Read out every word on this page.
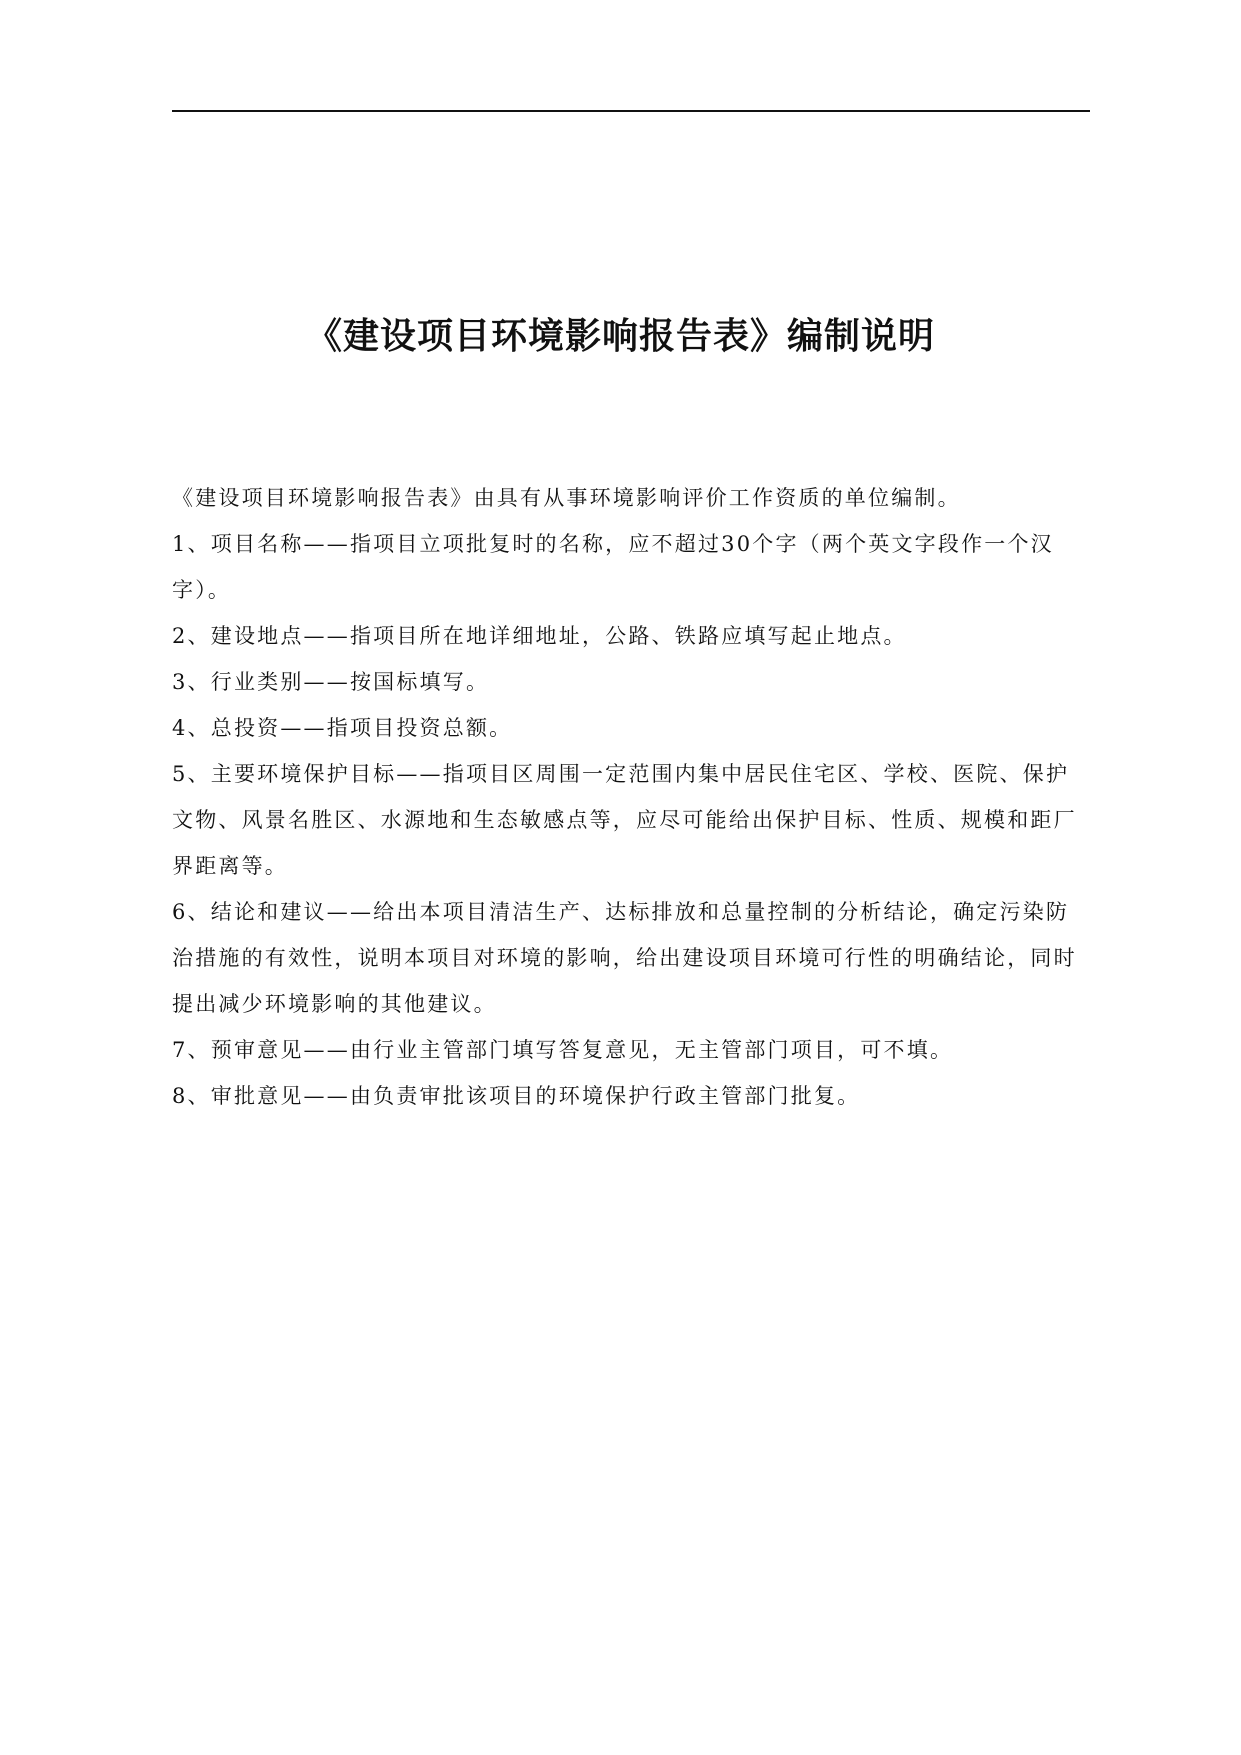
《建设项目环境影响报告表》编制说明

《建设项目环境影响报告表》由具有从事环境影响评价工作资质的单位编制。

1、项目名称——指项目立项批复时的名称，应不超过30个字（两个英文字段作一个汉字）。

2、建设地点——指项目所在地详细地址，公路、铁路应填写起止地点。

3、行业类别——按国标填写。

4、总投资——指项目投资总额。

5、主要环境保护目标——指项目区周围一定范围内集中居民住宅区、学校、医院、保护文物、风景名胜区、水源地和生态敏感点等，应尽可能给出保护目标、性质、规模和距厂界距离等。

6、结论和建议——给出本项目清洁生产、达标排放和总量控制的分析结论，确定污染防治措施的有效性，说明本项目对环境的影响，给出建设项目环境可行性的明确结论，同时提出减少环境影响的其他建议。

7、预审意见——由行业主管部门填写答复意见，无主管部门项目，可不填。

8、审批意见——由负责审批该项目的环境保护行政主管部门批复。
